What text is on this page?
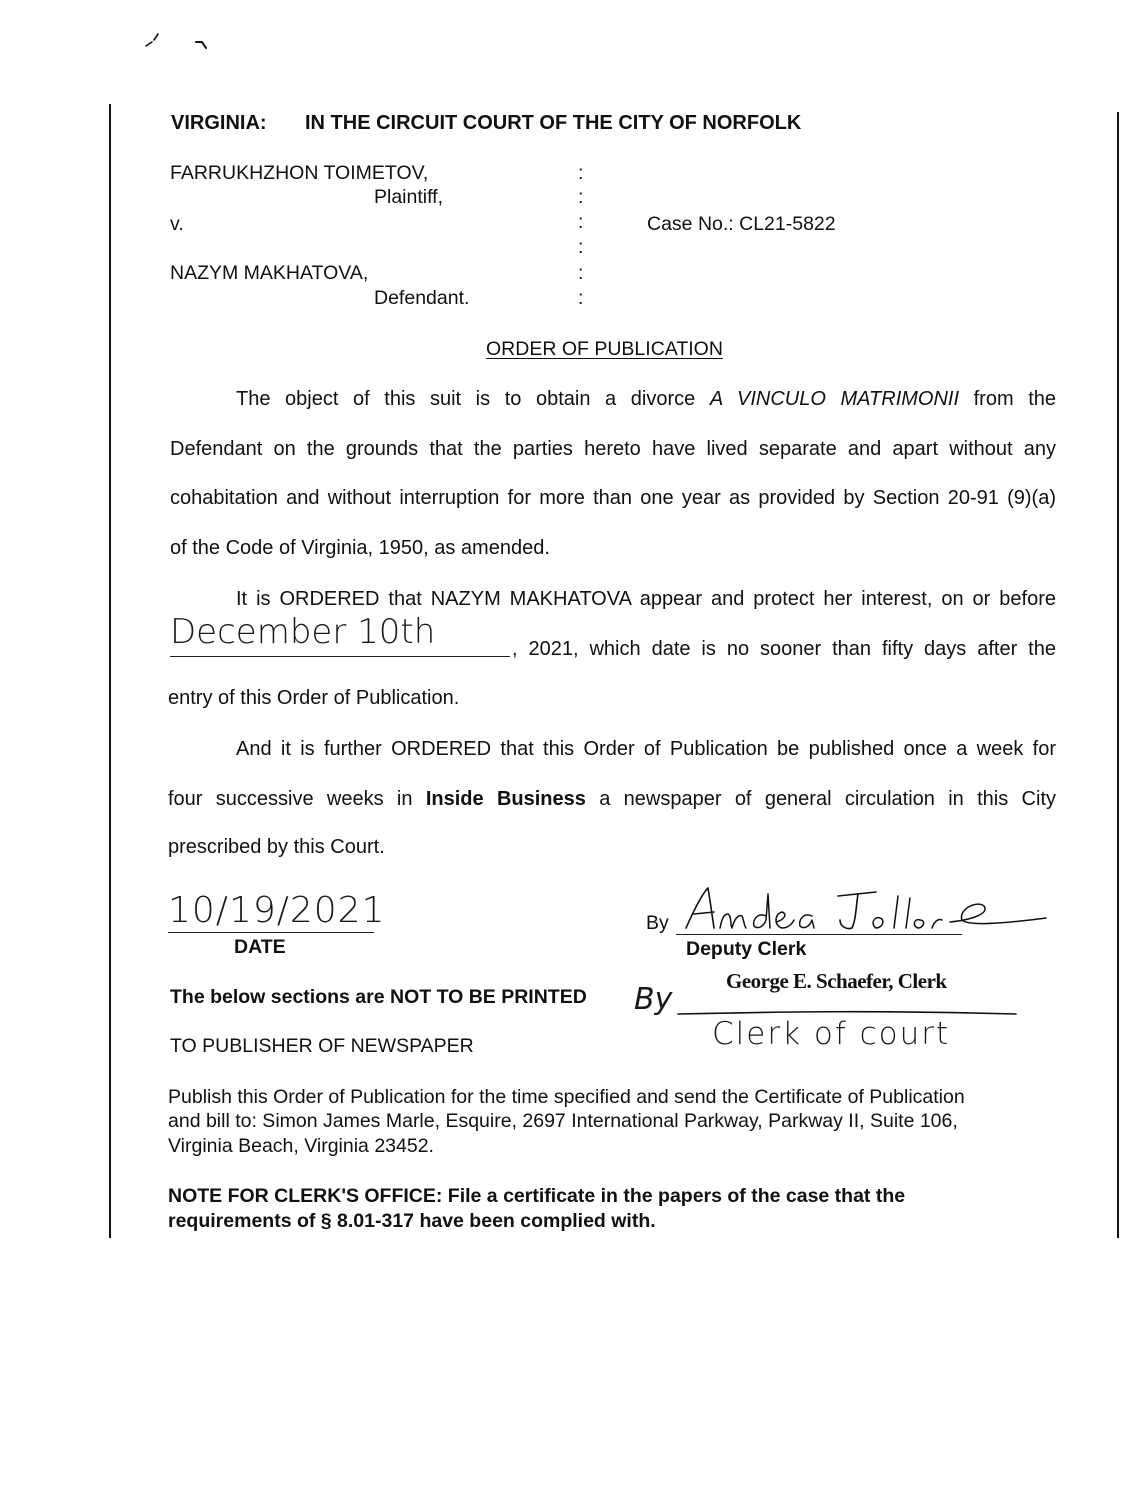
VIRGINIA: IN THE CIRCUIT COURT OF THE CITY OF NORFOLK
FARRUKHZHON TOIMETOV,
Plaintiff,
v.
NAZYM MAKHATOVA,
Defendant.
:
:
:
:
:
:
Case No.: CL21-5822
ORDER OF PUBLICATION
The object of this suit is to obtain a divorce A VINCULO MATRIMONII from the
Defendant on the grounds that the parties hereto have lived separate and apart without any
cohabitation and without interruption for more than one year as provided by Section 20-91 (9)(a)
of the Code of Virginia, 1950, as amended.
It is ORDERED that NAZYM MAKHATOVA appear and protect her interest, on or before
December 10th	, 2021, which date is no sooner than fifty days after the
entry of this Order of Publication.
And it is further ORDERED that this Order of Publication be published once a week for
four successive weeks in Inside Business a newspaper of general circulation in this City
prescribed by this Court.
10/19/2021
DATE
By
Deputy Clerk
George E. Schaefer, Clerk
The below sections are NOT TO BE PRINTED By
Clerk of court
TO PUBLISHER OF NEWSPAPER
Publish this Order of Publication for the time specified and send the Certificate of Publication
and bill to: Simon James Marle, Esquire, 2697 International Parkway, Parkway II, Suite 106,
Virginia Beach, Virginia 23452.
NOTE FOR CLERK'S OFFICE: File a certificate in the papers of the case that the
requirements of § 8.01-317 have been complied with.
